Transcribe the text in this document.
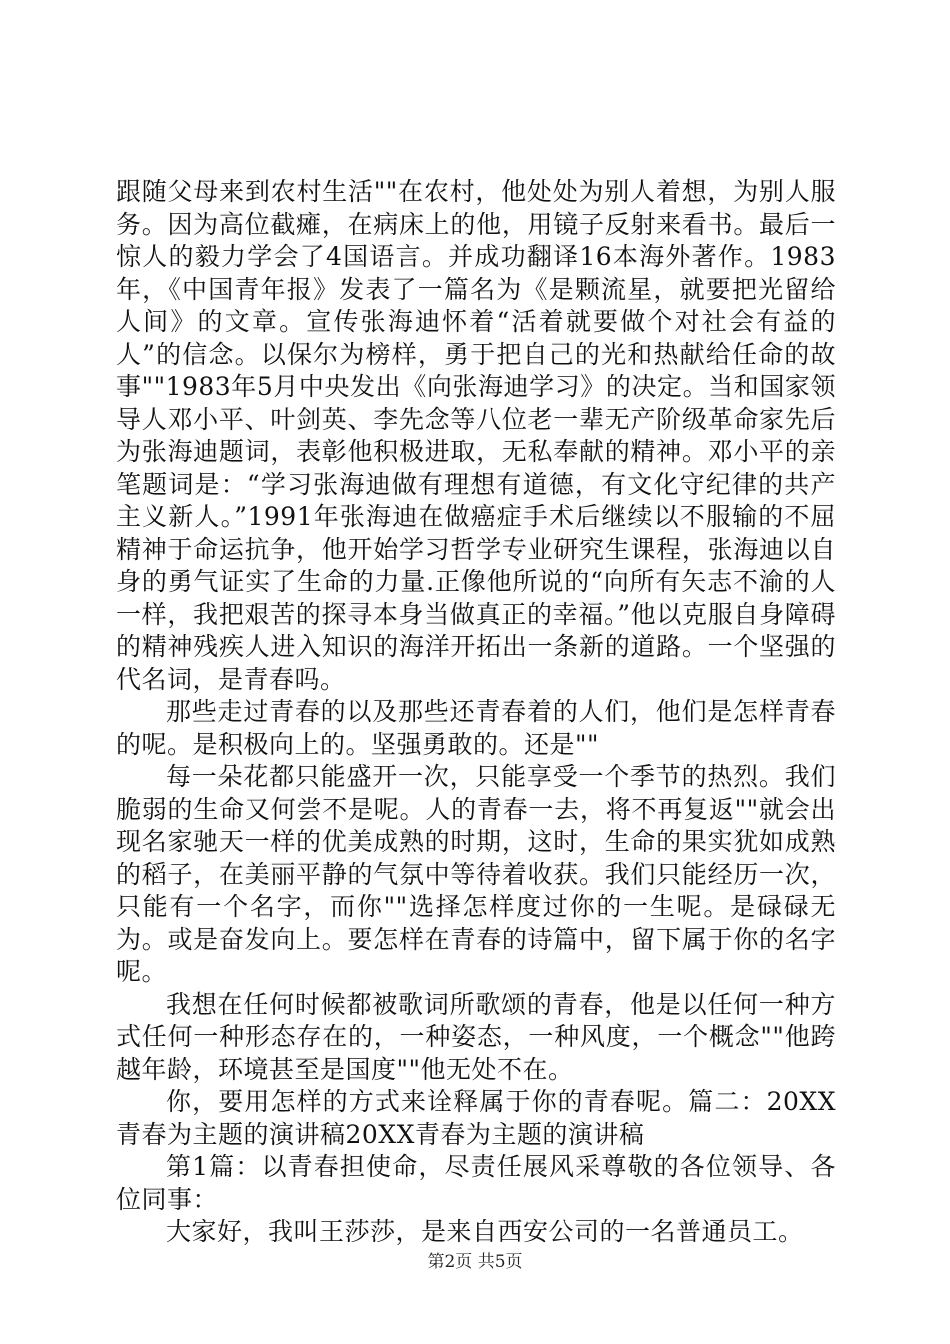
跟随父母来到农村生活""在农村，他处处为别人着想，为别人服务。因为高位截瘫，在病床上的他，用镜子反射来看书。最后一惊人的毅力学会了4国语言。并成功翻译16本海外著作。1983年，《中国青年报》发表了一篇名为《是颗流星，就要把光留给人间》的文章。宣传张海迪怀着“活着就要做个对社会有益的人”的信念。以保尔为榜样，勇于把自己的光和热献给任命的故事""1983年5月中央发出《向张海迪学习》的决定。当和国家领导人邓小平、叶剑英、李先念等八位老一辈无产阶级革命家先后为张海迪题词，表彰他积极进取，无私奉献的精神。邓小平的亲笔题词是：“学习张海迪做有理想有道德，有文化守纪律的共产主义新人。”1991年张海迪在做癌症手术后继续以不服输的不屈精神于命运抗争，他开始学习哲学专业研究生课程，张海迪以自身的勇气证实了生命的力量.正像他所说的“向所有矢志不渝的人一样，我把艰苦的探寻本身当做真正的幸福。”他以克服自身障碍的精神残疾人进入知识的海洋开拓出一条新的道路。一个坚强的代名词，是青春吗。

那些走过青春的以及那些还青春着的人们，他们是怎样青春的呢。是积极向上的。坚强勇敢的。还是""

每一朵花都只能盛开一次，只能享受一个季节的热烈。我们脆弱的生命又何尝不是呢。人的青春一去，将不再复返""就会出现名家驰天一样的优美成熟的时期，这时，生命的果实犹如成熟的稻子，在美丽平静的气氛中等待着收获。我们只能经历一次，只能有一个名字，而你""选择怎样度过你的一生呢。是碌碌无为。或是奋发向上。要怎样在青春的诗篇中，留下属于你的名字呢。

我想在任何时候都被歌词所歌颂的青春，他是以任何一种方式任何一种形态存在的，一种姿态，一种风度，一个概念""他跨越年龄，环境甚至是国度""他无处不在。

你，要用怎样的方式来诠释属于你的青春呢。篇二：20XX青春为主题的演讲稿20XX青春为主题的演讲稿

第1篇：以青春担使命，尽责任展风采尊敬的各位领导、各位同事：

大家好，我叫王莎莎，是来自西安公司的一名普通员工。

第2页 共5页
